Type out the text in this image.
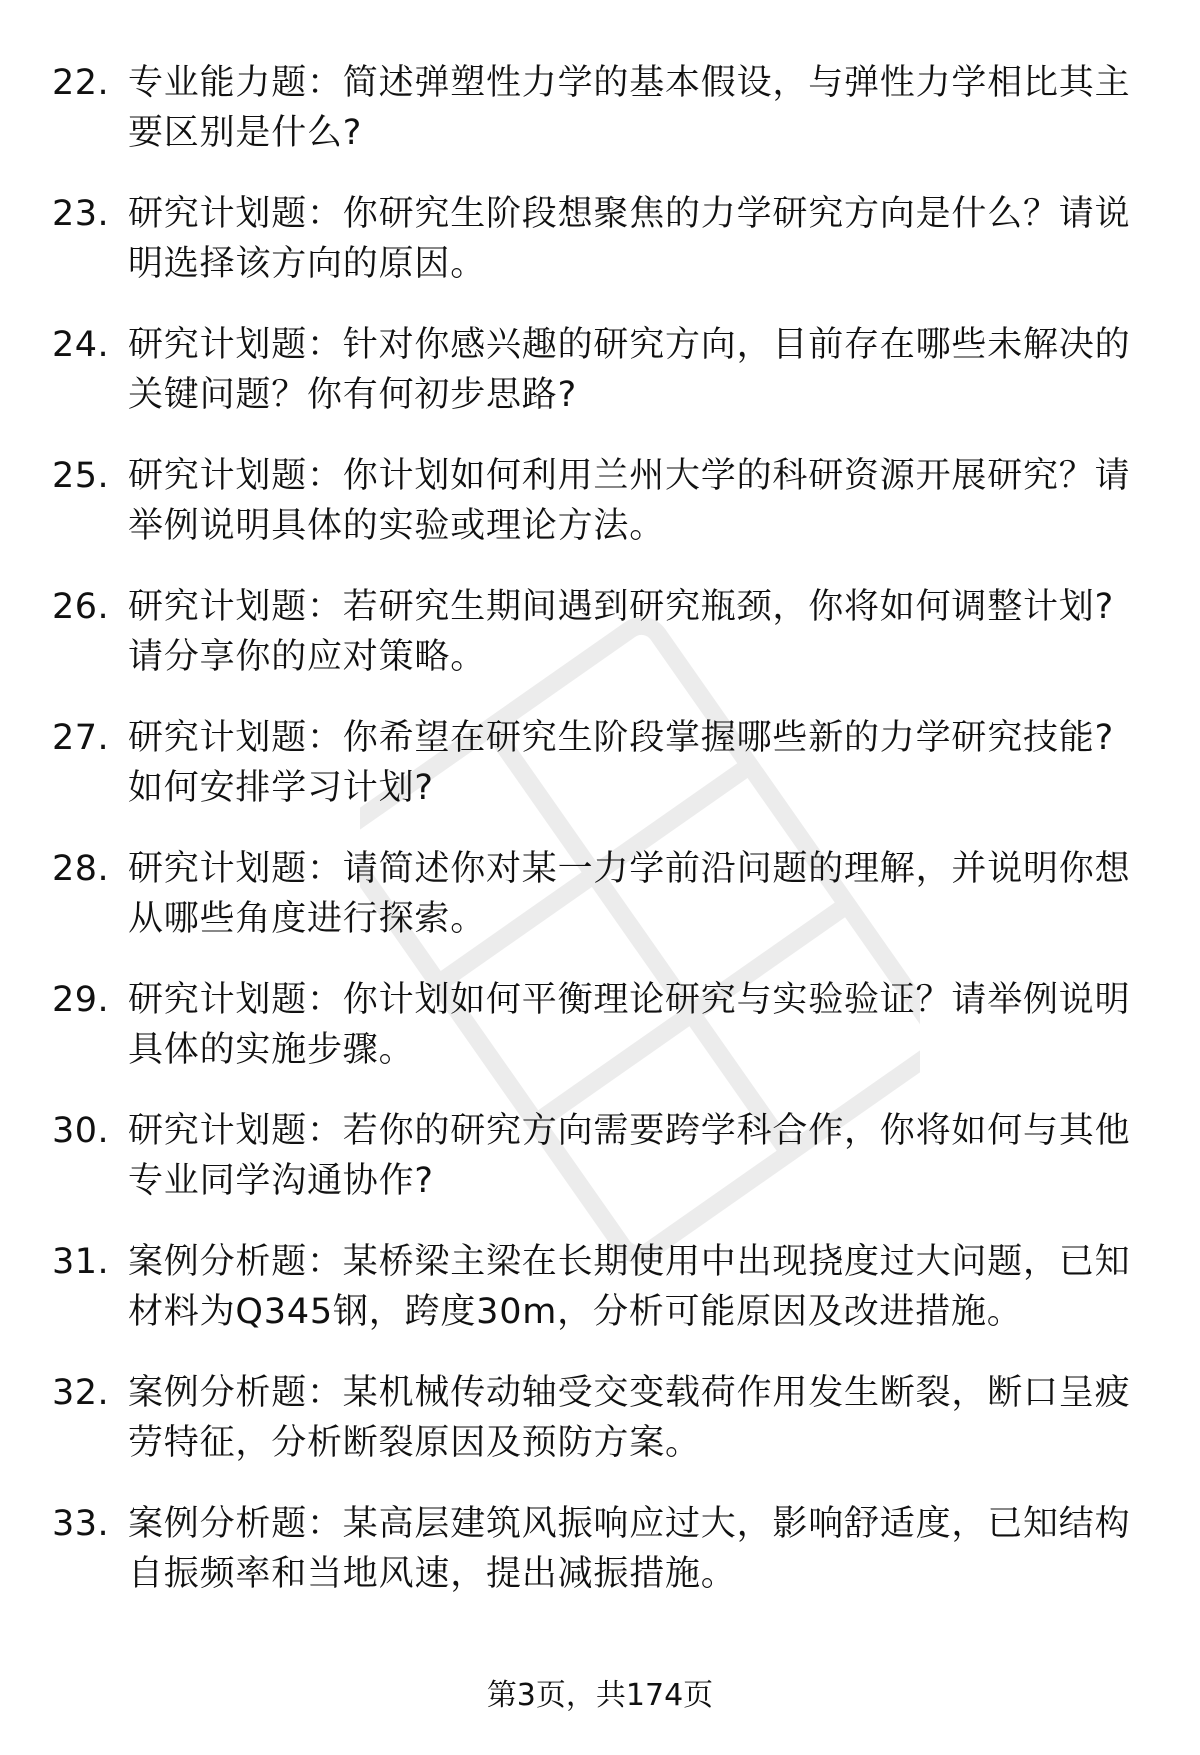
22. 专业能力题：简述弹塑性力学的基本假设，与弹性力学相比其主要区别是什么?
23. 研究计划题：你研究生阶段想聚焦的力学研究方向是什么？请说明选择该方向的原因。
24. 研究计划题：针对你感兴趣的研究方向，目前存在哪些未解决的关键问题？你有何初步思路?
25. 研究计划题：你计划如何利用兰州大学的科研资源开展研究？请举例说明具体的实验或理论方法。
26. 研究计划题：若研究生期间遇到研究瓶颈，你将如何调整计划?请分享你的应对策略。
27. 研究计划题：你希望在研究生阶段掌握哪些新的力学研究技能?如何安排学习计划?
28. 研究计划题：请简述你对某一力学前沿问题的理解，并说明你想从哪些角度进行探索。
29. 研究计划题：你计划如何平衡理论研究与实验验证？请举例说明具体的实施步骤。
30. 研究计划题：若你的研究方向需要跨学科合作，你将如何与其他专业同学沟通协作?
31. 案例分析题：某桥梁主梁在长期使用中出现挠度过大问题，已知材料为Q345钢，跨度30m，分析可能原因及改进措施。
32. 案例分析题：某机械传动轴受交变载荷作用发生断裂，断口呈疲劳特征，分析断裂原因及预防方案。
33. 案例分析题：某高层建筑风振响应过大，影响舒适度，已知结构自振频率和当地风速，提出减振措施。
第3页，共174页
